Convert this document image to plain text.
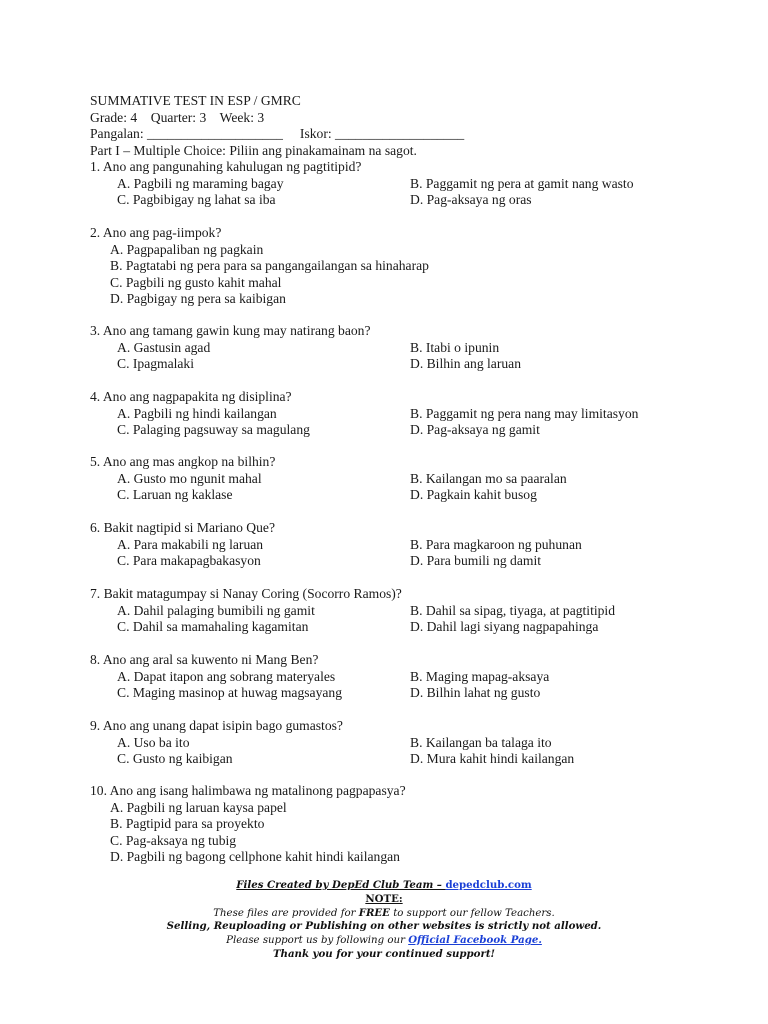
SUMMATIVE TEST IN ESP / GMRC
Grade: 4    Quarter: 3    Week: 3
Pangalan: ____________________     Iskor: ___________________
Part I – Multiple Choice: Piliin ang pinakamainam na sagot.
1. Ano ang pangunahing kahulugan ng pagtitipid?
A. Pagbili ng maraming bagay	B. Paggamit ng pera at gamit nang wasto
C. Pagbibigay ng lahat sa iba	D. Pag-aksaya ng oras
2. Ano ang pag-iimpok?
A. Pagpapaliban ng pagkain
B. Pagtatabi ng pera para sa pangangailangan sa hinaharap
C. Pagbili ng gusto kahit mahal
D. Pagbigay ng pera sa kaibigan
3. Ano ang tamang gawin kung may natirang baon?
A. Gastusin agad	B. Itabi o ipunin
C. Ipagmalaki	D. Bilhin ang laruan
4. Ano ang nagpapakita ng disiplina?
A. Pagbili ng hindi kailangan	B. Paggamit ng pera nang may limitasyon
C. Palaging pagsuway sa magulang	D. Pag-aksaya ng gamit
5. Ano ang mas angkop na bilhin?
A. Gusto mo ngunit mahal	B. Kailangan mo sa paaralan
C. Laruan ng kaklase	D. Pagkain kahit busog
6. Bakit nagtipid si Mariano Que?
A. Para makabili ng laruan	B. Para magkaroon ng puhunan
C. Para makapagbakasyon	D. Para bumili ng damit
7. Bakit matagumpay si Nanay Coring (Socorro Ramos)?
A. Dahil palaging bumibili ng gamit	B. Dahil sa sipag, tiyaga, at pagtitipid
C. Dahil sa mamahaling kagamitan	D. Dahil lagi siyang nagpapahinga
8. Ano ang aral sa kuwento ni Mang Ben?
A. Dapat itapon ang sobrang materyales	B. Maging mapag-aksaya
C. Maging masinop at huwag magsayang	D. Bilhin lahat ng gusto
9. Ano ang unang dapat isipin bago gumastos?
A. Uso ba ito	B. Kailangan ba talaga ito
C. Gusto ng kaibigan	D. Mura kahit hindi kailangan
10. Ano ang isang halimbawa ng matalinong pagpapasya?
A. Pagbili ng laruan kaysa papel
B. Pagtipid para sa proyekto
C. Pag-aksaya ng tubig
D. Pagbili ng bagong cellphone kahit hindi kailangan
Files Created by DepEd Club Team – depedclub.com
NOTE:
These files are provided for FREE to support our fellow Teachers.
Selling, Reuploading or Publishing on other websites is strictly not allowed.
Please support us by following our Official Facebook Page.
Thank you for your continued support!
